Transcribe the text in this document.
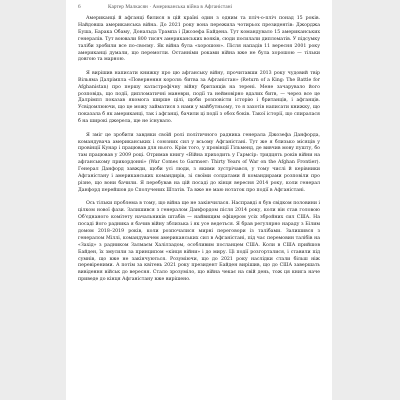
6	Картер Малкасян · Американська війна в Афганістані

Американці й афганці билися в цій країні один з одним та пліч-о-пліч понад 15 років. Найдовша американська війна. До 2021 року вона пережила чотирьох президентів: Джорджа Буша, Барака Обаму, Дональда Трампа і Джозефа Байдена. Тут командувало 15 американських генералів. Тут воювали 800 тисяч американських вояків, сюди посилали дипломатів. У підсумку таліби зробили все по-своєму. Як війна була «хорошою». Після нападів 11 вересня 2001 року американці думали, що перемогли. Останніми роками війна вже не була хорошою — тільки довгою та марною.

Я вирішив написати книжку про цю афганську війну, прочитавши 2013 року чудовий твір Вільяма Далрімпла «Повернення короля: битва за Афганістан» (Return of a King: The Battle for Afghanistan) про першу катастрофічну війну британців на терені. Мене зачарувало його розповідь, що події, дипломатичні маневри, події та неймовірно вдалих битв, — через все це Далрімпл показав якомога ширше цілі, щоби розповісти історію і британців, і афганців. Усвідомлюючи, що це можу займатися з нами у майбутньому, то я захотів написати книжку, що показала б як американці, так і афганці, бачили ці події з обох боків. Такої історії, що спиралася б на широкі джерела, ще не існувало.

Я зміг це зробити завдяки своїй ролі політичного радника генерала Джозефа Данфорда, командувача американських і союзних сил у всьому Афганістані. Тут же я близько місяців у провінції Кунар і працював для нього. Крім того, у провінції Гільменд, де вивчив мову пушту, бо там працював у 2009 році. Отримав книгу «Війна приходить у Гармсір: тридцять років війни на афганському прикордонні» (War Comes to Garmser: Thirty Years of War on the Afghan Frontier). Генерал Данфорд завжди, щоби усі люди, з якими зустрічався, у тому числі й керівники Афганістану і американських командирів, зі своїми солдатами й командирами розповіли про різне, що вони бачили. Я перебував на цій посаді до кінця вересня 2014 року, коли генерал Данфорд перейшов до Сполучених Штатів. Та вже не маю нотаток про події в Афганістані.

Ось тільки проблема в тому, що війна ще не закінчилася. Насправді я був свідком половини і цілком нової фази. Залишився з генералом Данфордом після 2014 року, коли він став головою Об'єднаного комітету начальників штабів — найвищим офіцером усіх збройних сил США. На посаді його радника я бачив війну зблизька і як усе ведеться. Я брав регулярно нараду з Білим домом 2018–2019 років, коли розпочалися мирні переговори із талібами. Залишився з генералом Міллі, командувачем американських сил в Афганістані, під час перемовин талібів на «Захід» з радником Залмаєм Халілзадом, особливим посланцем США. Коли в США прийшов Байден, їх змусили за принципом «кінця війни» і до миру. Ці події розгорталися, і ставили під сумнів, що вже не закінчуються. Розуміючи, що до 2021 року наслідки стали більш ніж перевіреними. А потім за квітень 2021 року президент Байден вирішив, що до США завершать вивідення військ до вересня. Стало зрозуміло, що війна чекає на свій день, тож ця книга наче приведе до кінця Афганістану вже вирішено.
